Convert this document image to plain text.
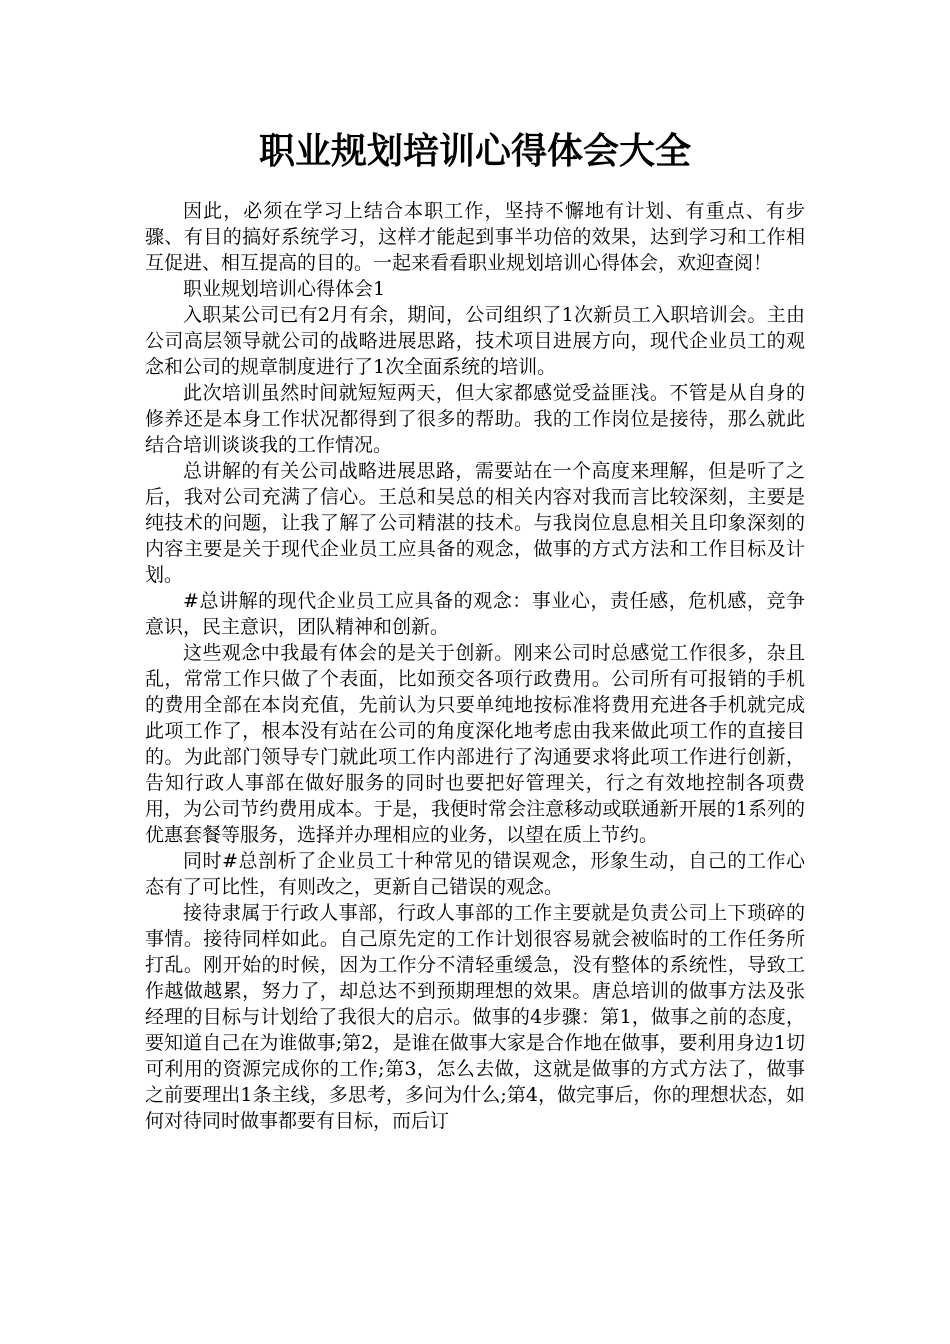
职业规划培训心得体会大全

因此，必须在学习上结合本职工作，坚持不懈地有计划、有重点、有步骤、有目的搞好系统学习，这样才能起到事半功倍的效果，达到学习和工作相互促进、相互提高的目的。一起来看看职业规划培训心得体会，欢迎查阅！

职业规划培训心得体会1

入职某公司已有2月有余，期间，公司组织了1次新员工入职培训会。主由公司高层领导就公司的战略进展思路，技术项目进展方向，现代企业员工的观念和公司的规章制度进行了1次全面系统的培训。

此次培训虽然时间就短短两天，但大家都感觉受益匪浅。不管是从自身的修养还是本身工作状况都得到了很多的帮助。我的工作岗位是接待，那么就此结合培训谈谈我的工作情况。

总讲解的有关公司战略进展思路，需要站在一个高度来理解，但是听了之后，我对公司充满了信心。王总和吴总的相关内容对我而言比较深刻，主要是纯技术的问题，让我了解了公司精湛的技术。与我岗位息息相关且印象深刻的内容主要是关于现代企业员工应具备的观念，做事的方式方法和工作目标及计划。

#总讲解的现代企业员工应具备的观念：事业心，责任感，危机感，竞争意识，民主意识，团队精神和创新。

这些观念中我最有体会的是关于创新。刚来公司时总感觉工作很多，杂且乱，常常工作只做了个表面，比如预交各项行政费用。公司所有可报销的手机的费用全部在本岗充值，先前认为只要单纯地按标准将费用充进各手机就完成此项工作了，根本没有站在公司的角度深化地考虑由我来做此项工作的直接目的。为此部门领导专门就此项工作内部进行了沟通要求将此项工作进行创新，告知行政人事部在做好服务的同时也要把好管理关，行之有效地控制各项费用，为公司节约费用成本。于是，我便时常会注意移动或联通新开展的1系列的优惠套餐等服务，选择并办理相应的业务，以望在质上节约。

同时#总剖析了企业员工十种常见的错误观念，形象生动，自己的工作心态有了可比性，有则改之，更新自己错误的观念。

接待隶属于行政人事部，行政人事部的工作主要就是负责公司上下琐碎的事情。接待同样如此。自己原先定的工作计划很容易就会被临时的工作任务所打乱。刚开始的时候，因为工作分不清轻重缓急，没有整体的系统性，导致工作越做越累，努力了，却总达不到预期理想的效果。唐总培训的做事方法及张经理的目标与计划给了我很大的启示。做事的4步骤：第1，做事之前的态度，要知道自己在为谁做事;第2，是谁在做事大家是合作地在做事，要利用身边1切可利用的资源完成你的工作;第3，怎么去做，这就是做事的方式方法了，做事之前要理出1条主线，多思考，多问为什么;第4，做完事后，你的理想状态，如何对待同时做事都要有目标，而后订
